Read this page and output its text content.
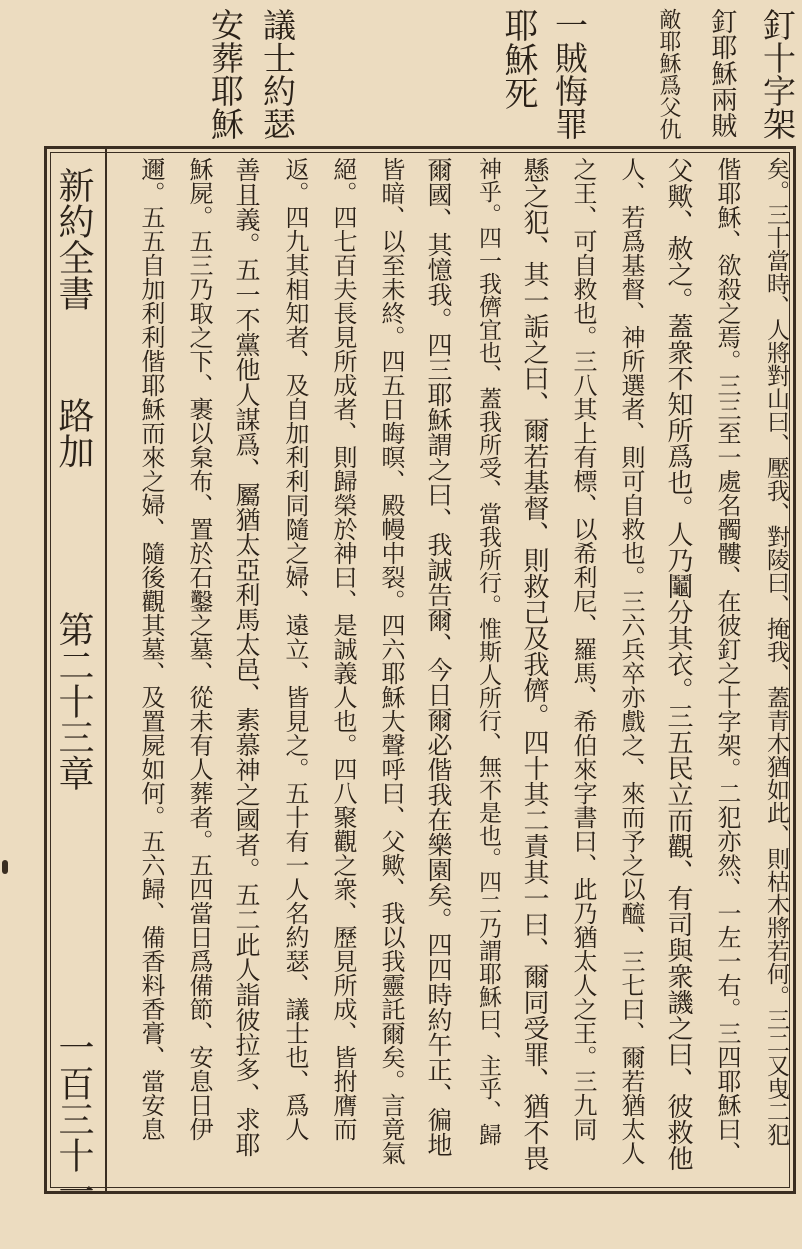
釘十字架
釘耶穌兩賊
敵耶穌爲父仇
一賊悔罪
耶穌死
議士約瑟
安葬耶穌
新約全書
路加
第二十三章
一百三十一	矣。三十當時、人將對山曰、壓我、對陵曰、掩我、蓋青木猶如此、則枯木將若何。三二又曳二犯
偕耶穌、欲殺之焉。三三至一處名髑髏、在彼釘之十字架。二犯亦然、一左一右。三四耶穌曰、
父歟、赦之。蓋衆不知所爲也。人乃鬮分其衣。三五民立而觀、有司與衆譏之曰、彼救他
人、若爲基督、神所選者、則可自救也。三六兵卒亦戲之、來而予之以醯、三七曰、爾若猶太人
之王、可自救也。三八其上有標、以希利尼、羅馬、希伯來字書曰、此乃猶太人之王。三九同
懸之犯、其一詬之曰、爾若基督、則救己及我儕。四十其二責其一曰、爾同受罪、猶不畏
神乎。四一我儕宜也、蓋我所受、當我所行。惟斯人所行、無不是也。四二乃謂耶穌曰、主乎、歸
爾國、其憶我。四三耶穌謂之曰、我誠告爾、今日爾必偕我在樂園矣。四四時約午正、徧地
皆暗、以至未終。四五日晦暝、殿幔中裂。四六耶穌大聲呼曰、父歟、我以我靈託爾矣。言竟氣
絕。四七百夫長見所成者、則歸榮於神曰、是誠義人也。四八聚觀之衆、歷見所成、皆拊膺而
返。四九其相知者、及自加利利同隨之婦、遠立、皆見之。五十有一人名約瑟、議士也、爲人
善且義。五一不黨他人謀爲、屬猶太亞利馬太邑、素慕神之國者。五二此人詣彼拉多、求耶
穌屍。五三乃取之下、裹以枲布、置於石鑿之墓、從未有人葬者。五四當日爲備節、安息日伊
邇。五五自加利利偕耶穌而來之婦、隨後觀其墓、及置屍如何。五六歸、備香料香膏、當安息
